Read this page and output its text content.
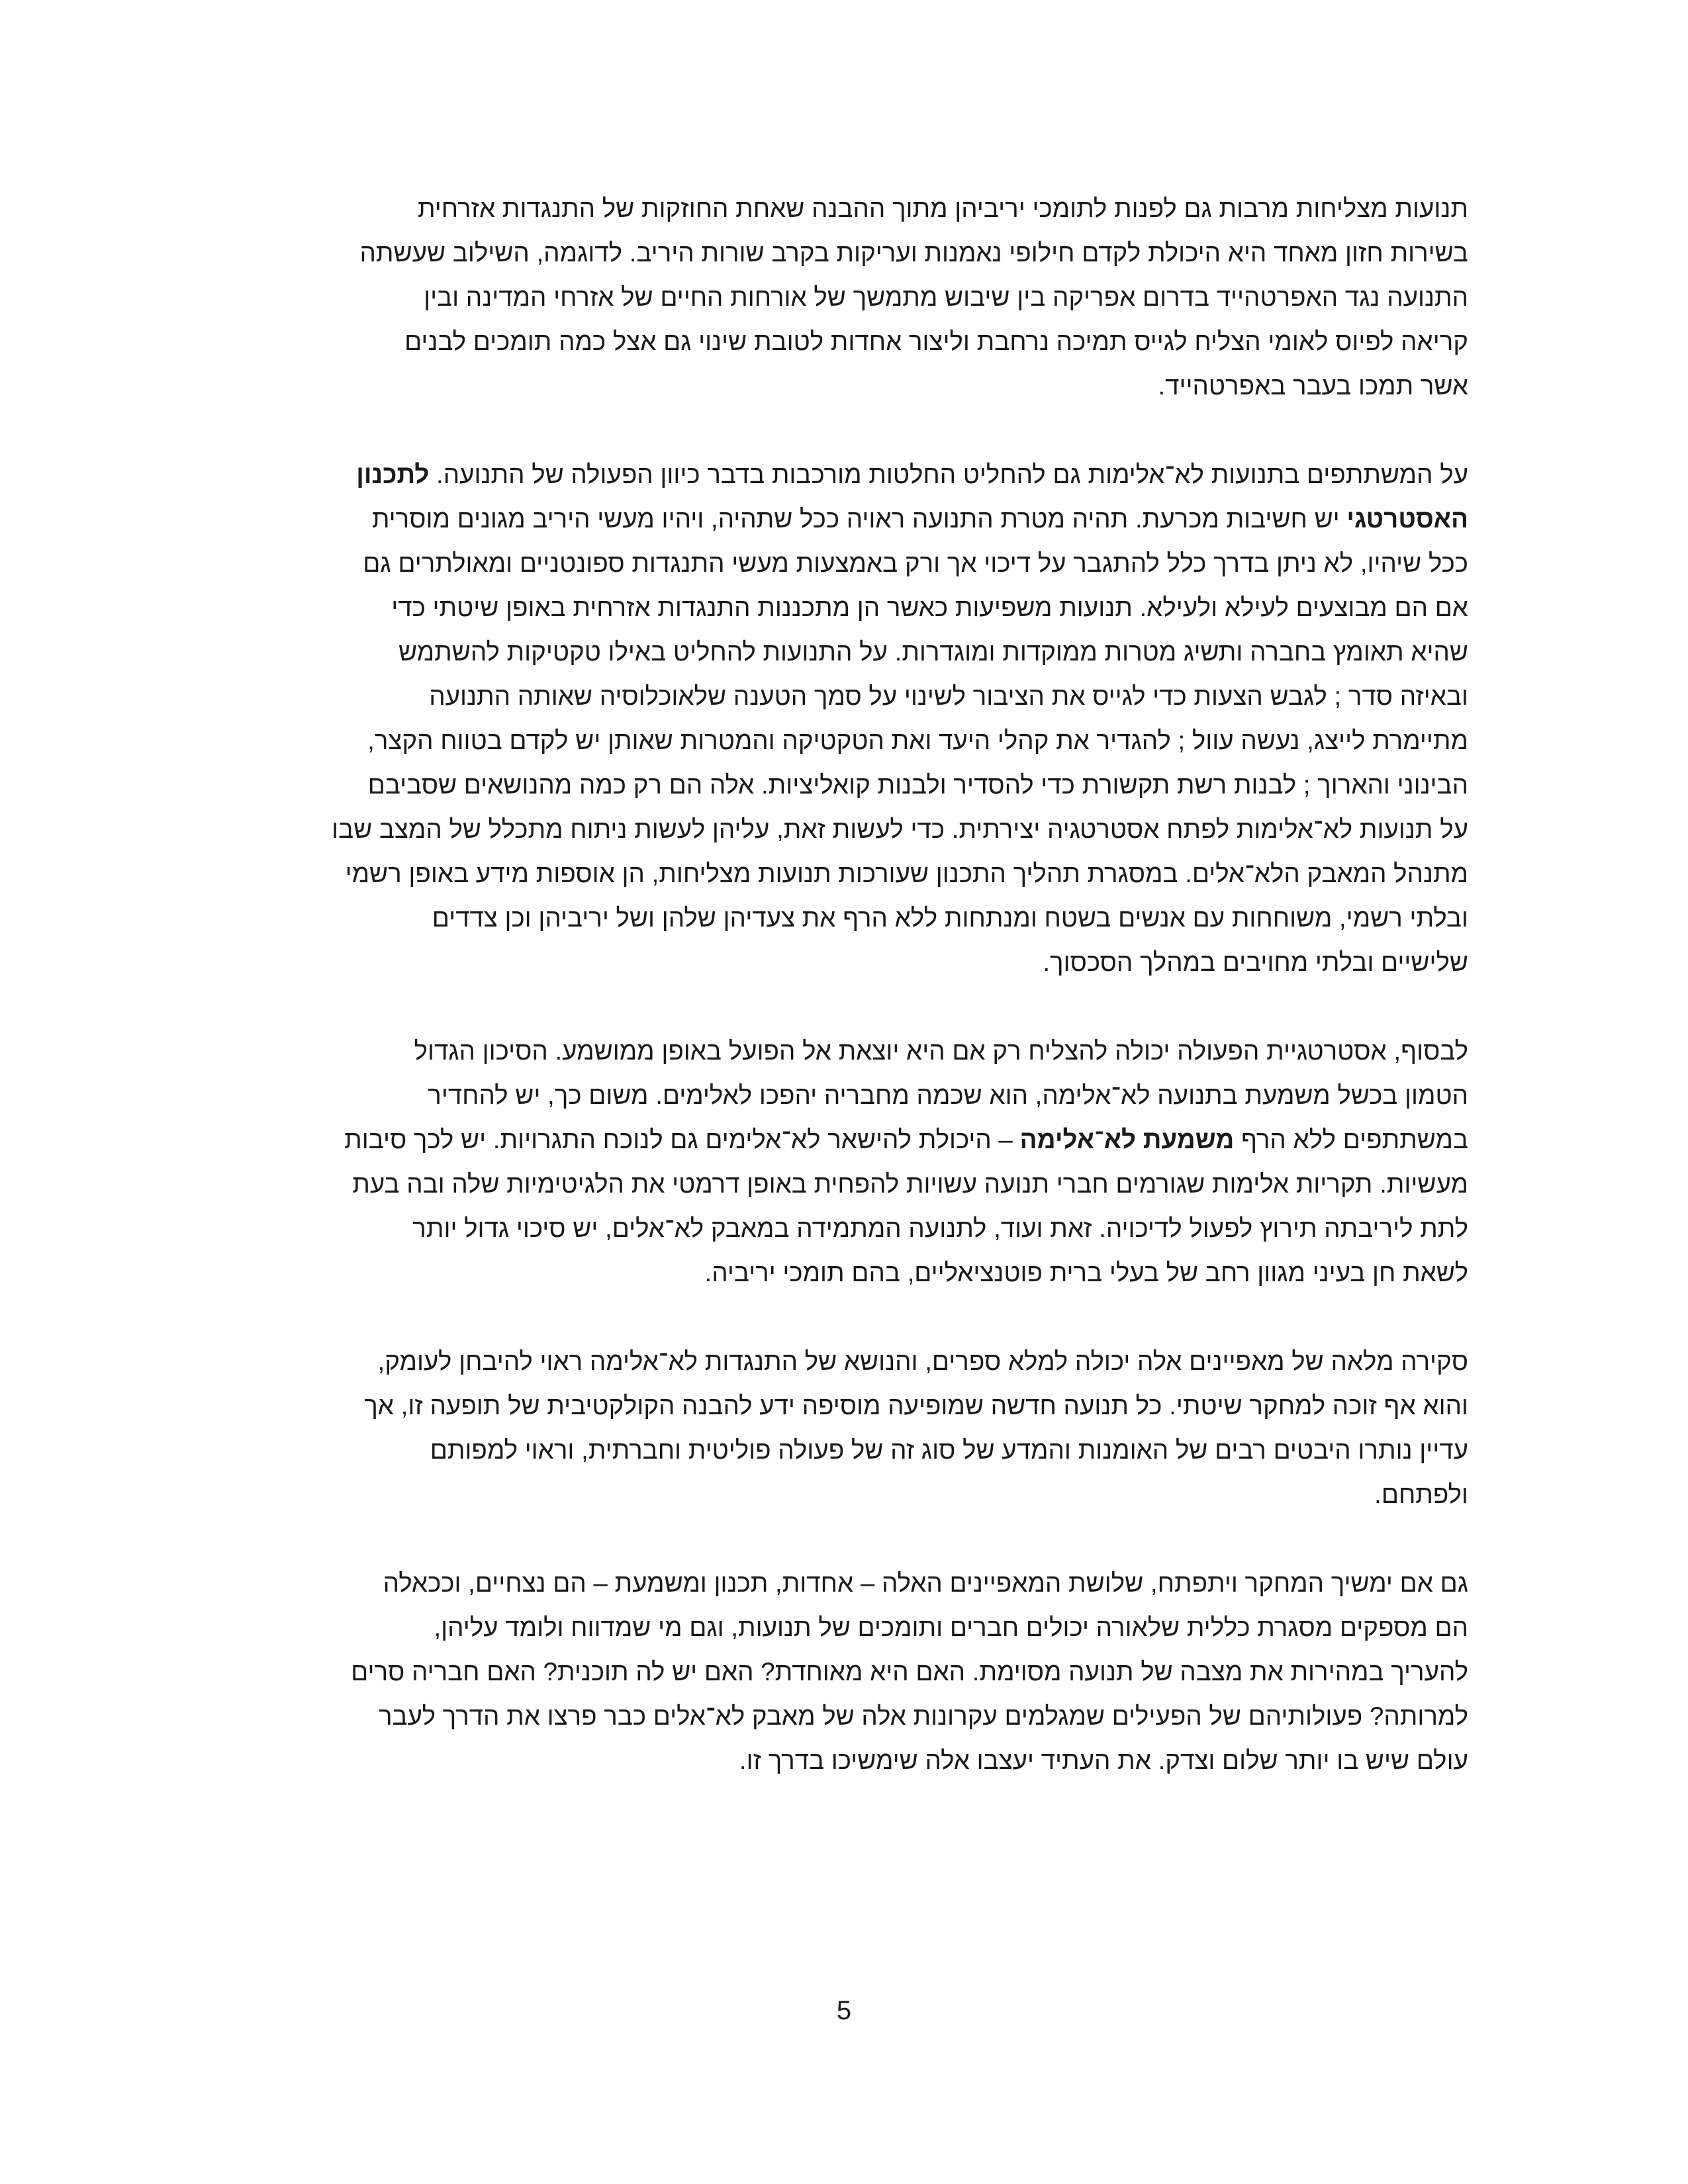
תנועות מצליחות מרבות גם לפנות לתומכי יריביהן מתוך ההבנה שאחת החוזקות של התנגדות אזרחית
בשירות חזון מאחד היא היכולת לקדם חילופי נאמנות ועריקות בקרב שורות היריב. לדוגמה, השילוב שעשתה
התנועה נגד האפרטהייד בדרום אפריקה בין שיבוש מתמשך של אורחות החיים של אזרחי המדינה ובין
קריאה לפיוס לאומי הצליח לגייס תמיכה נרחבת וליצור אחדות לטובת שינוי גם אצל כמה תומכים לבנים
אשר תמכו בעבר באפרטהייד.

על המשתתפים בתנועות לא־אלימות גם להחליט החלטות מורכבות בדבר כיוון הפעולה של התנועה. לתכנון
האסטרטגי יש חשיבות מכרעת. תהיה מטרת התנועה ראויה ככל שתהיה, ויהיו מעשי היריב מגונים מוסרית
ככל שיהיו, לא ניתן בדרך כלל להתגבר על דיכוי אך ורק באמצעות מעשי התנגדות ספונטניים ומאולתרים גם
אם הם מבוצעים לעילא ולעילא. תנועות משפיעות כאשר הן מתכננות התנגדות אזרחית באופן שיטתי כדי
שהיא תאומץ בחברה ותשיג מטרות ממוקדות ומוגדרות. על התנועות להחליט באילו טקטיקות להשתמש
ובאיזה סדר ; לגבש הצעות כדי לגייס את הציבור לשינוי על סמך הטענה שלאוכלוסיה שאותה התנועה
מתיימרת לייצג, נעשה עוול ; להגדיר את קהלי היעד ואת הטקטיקה והמטרות שאותן יש לקדם בטווח הקצר,
הבינוני והארוך ; לבנות רשת תקשורת כדי להסדיר ולבנות קואליציות. אלה הם רק כמה מהנושאים שסביבם
על תנועות לא־אלימות לפתח אסטרטגיה יצירתית. כדי לעשות זאת, עליהן לעשות ניתוח מתכלל של המצב שבו
מתנהל המאבק הלא־אלים. במסגרת תהליך התכנון שעורכות תנועות מצליחות, הן אוספות מידע באופן רשמי
ובלתי רשמי, משוחחות עם אנשים בשטח ומנתחות ללא הרף את צעדיהן שלהן ושל יריביהן וכן צדדים
שלישיים ובלתי מחויבים במהלך הסכסוך.

לבסוף, אסטרטגיית הפעולה יכולה להצליח רק אם היא יוצאת אל הפועל באופן ממושמע. הסיכון הגדול
הטמון בכשל משמעת בתנועה לא־אלימה, הוא שכמה מחבריה יהפכו לאלימים. משום כך, יש להחדיר
במשתתפים ללא הרף משמעת לא־אלימה – היכולת להישאר לא־אלימים גם לנוכח התגרויות. יש לכך סיבות
מעשיות. תקריות אלימות שגורמים חברי תנועה עשויות להפחית באופן דרמטי את הלגיטימיות שלה ובה בעת
לתת ליריבתה תירוץ לפעול לדיכויה. זאת ועוד, לתנועה המתמידה במאבק לא־אלים, יש סיכוי גדול יותר
לשאת חן בעיני מגוון רחב של בעלי ברית פוטנציאליים, בהם תומכי יריביה.

סקירה מלאה של מאפיינים אלה יכולה למלא ספרים, והנושא של התנגדות לא־אלימה ראוי להיבחן לעומק,
והוא אף זוכה למחקר שיטתי. כל תנועה חדשה שמופיעה מוסיפה ידע להבנה הקולקטיבית של תופעה זו, אך
עדיין נותרו היבטים רבים של האומנות והמדע של סוג זה של פעולה פוליטית וחברתית, וראוי למפותם
ולפתחם.

גם אם ימשיך המחקר ויתפתח, שלושת המאפיינים האלה – אחדות, תכנון ומשמעת – הם נצחיים, וככאלה
הם מספקים מסגרת כללית שלאורה יכולים חברים ותומכים של תנועות, וגם מי שמדווח ולומד עליהן,
להעריך במהירות את מצבה של תנועה מסוימת. האם היא מאוחדת? האם יש לה תוכנית? האם חבריה סרים
למרותה? פעולותיהם של הפעילים שמגלמים עקרונות אלה של מאבק לא־אלים כבר פרצו את הדרך לעבר
עולם שיש בו יותר שלום וצדק. את העתיד יעצבו אלה שימשיכו בדרך זו.

5
